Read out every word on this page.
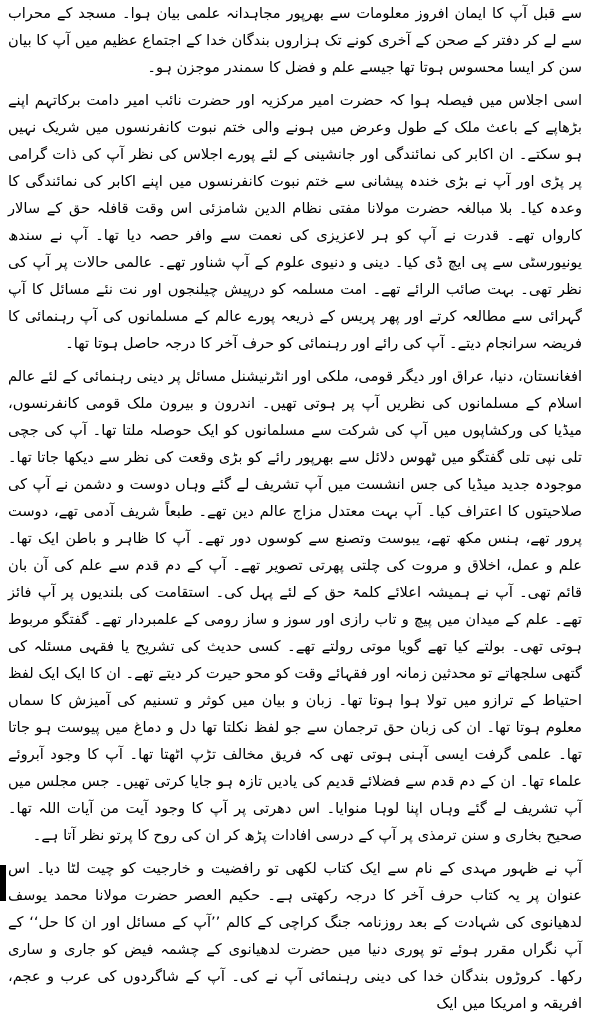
سے قبل آپ کا ایمان افروز معلومات سے بھرپور مجاہدانہ علمی بیان ہوا۔ مسجد کے محراب سے لے کر دفتر کے صحن کے آخری کونے تک ہزاروں بندگان خدا کے اجتماع عظیم میں آپ کا بیان سن کر ایسا محسوس ہوتا تھا جیسے علم و فضل کا سمندر موجزن ہو۔

اسی اجلاس میں فیصلہ ہوا کہ حضرت امیر مرکزیہ اور حضرت نائب امیر دامت برکاتہم اپنے بڑھاپے کے باعث ملک کے طول وعرض میں ہونے والی ختم نبوت کانفرنسوں میں شریک نہیں ہو سکتے۔ ان اکابر کی نمائندگی اور جانشینی کے لئے پورے اجلاس کی نظر آپ کی ذات گرامی پر پڑی اور آپ نے بڑی خندہ پیشانی سے ختم نبوت کانفرنسوں میں اپنے اکابر کی نمائندگی کا وعدہ کیا۔ بلا مبالغہ حضرت مولانا مفتی نظام الدین شامزئی اس وقت قافلہ حق کے سالار کارواں تھے۔ قدرت نے آپ کو ہر لاعزیزی کی نعمت سے وافر حصہ دیا تھا۔ آپ نے سندھ یونیورسٹی سے پی ایچ ڈی کیا۔ دینی و دنیوی علوم کے آپ شناور تھے۔ عالمی حالات پر آپ کی نظر تھی۔ بہت صائب الرائے تھے۔ امت مسلمہ کو درپیش چیلنجوں اور نت نئے مسائل کا آپ گہرائی سے مطالعہ کرتے اور پھر پریس کے ذریعہ پورے عالم کے مسلمانوں کی آپ رہنمائی کا فریضہ سرانجام دیتے۔ آپ کی رائے اور رہنمائی کو حرف آخر کا درجہ حاصل ہوتا تھا۔

افغانستان، دنیا، عراق اور دیگر قومی، ملکی اور انٹرنیشنل مسائل پر دینی رہنمائی کے لئے عالم اسلام کے مسلمانوں کی نظریں آپ پر ہوتی تھیں۔ اندرون و بیرون ملک قومی کانفرنسوں، میڈیا کی ورکشاپوں میں آپ کی شرکت سے مسلمانوں کو ایک حوصلہ ملتا تھا۔ آپ کی جچی تلی نپی تلی گفتگو میں ٹھوس دلائل سے بھرپور رائے کو بڑی وقعت کی نظر سے دیکھا جاتا تھا۔ موجودہ جدید میڈیا کی جس انشست میں آپ تشریف لے گئے وہاں دوست و دشمن نے آپ کی صلاحیتوں کا اعتراف کیا۔ آپ بہت معتدل مزاج عالم دین تھے۔ طبعاً شریف آدمی تھے، دوست پرور تھے، ہنس مکھ تھے، یبوست وتصنع سے کوسوں دور تھے۔ آپ کا ظاہر و باطن ایک تھا۔ علم و عمل، اخلاق و مروت کی چلتی پھرتی تصویر تھے۔ آپ کے دم قدم سے علم کی آن بان قائم تھی۔ آپ نے ہمیشہ اعلائے کلمۃ حق کے لئے پہل کی۔ استقامت کی بلندیوں پر آپ فائز تھے۔ علم کے میدان میں پیچ و تاب رازی اور سوز و ساز رومی کے علمبردار تھے۔ گفتگو مربوط ہوتی تھی۔ بولتے کیا تھے گویا موتی رولتے تھے۔ کسی حدیث کی تشریح یا فقہی مسئلہ کی گتھی سلجھاتے تو محدثین زمانہ اور فقہائے وقت کو محو حیرت کر دیتے تھے۔ ان کا ایک ایک لفظ احتیاط کے ترازو میں تولا ہوا ہوتا تھا۔ زبان و بیان میں کوثر و تسنیم کی آمیزش کا سماں معلوم ہوتا تھا۔ ان کی زبان حق ترجمان سے جو لفظ نکلتا تھا دل و دماغ میں پیوست ہو جاتا تھا۔ علمی گرفت ایسی آہنی ہوتی تھی کہ فریق مخالف تڑپ اٹھتا تھا۔ آپ کا وجود آبروئے علماء تھا۔ ان کے دم قدم سے فضلائے قدیم کی یادیں تازہ ہو جایا کرتی تھیں۔ جس مجلس میں آپ تشریف لے گئے وہاں اپنا لوہا منوایا۔ اس دھرتی پر آپ کا وجود آیت من آیات اللہ تھا۔ صحیح بخاری و سنن ترمذی پر آپ کے درسی افادات پڑھ کر ان کی روح کا پرتو نظر آتا ہے۔

آپ نے ظہور مہدی کے نام سے ایک کتاب لکھی تو رافضیت و خارجیت کو چیت لٹا دیا۔ اس عنوان پر یہ کتاب حرف آخر کا درجہ رکھتی ہے۔ حکیم العصر حضرت مولانا محمد یوسف لدھیانوی کی شہادت کے بعد روزنامہ جنگ کراچی کے کالم ’’آپ کے مسائل اور ان کا حل‘‘ کے آپ نگراں مقرر ہوئے تو پوری دنیا میں حضرت لدھیانوی کے چشمہ فیض کو جاری و ساری رکھا۔ کروڑوں بندگان خدا کی دینی رہنمائی آپ نے کی۔ آپ کے شاگردوں کی عرب و عجم، افریقہ و امریکا میں ایک
